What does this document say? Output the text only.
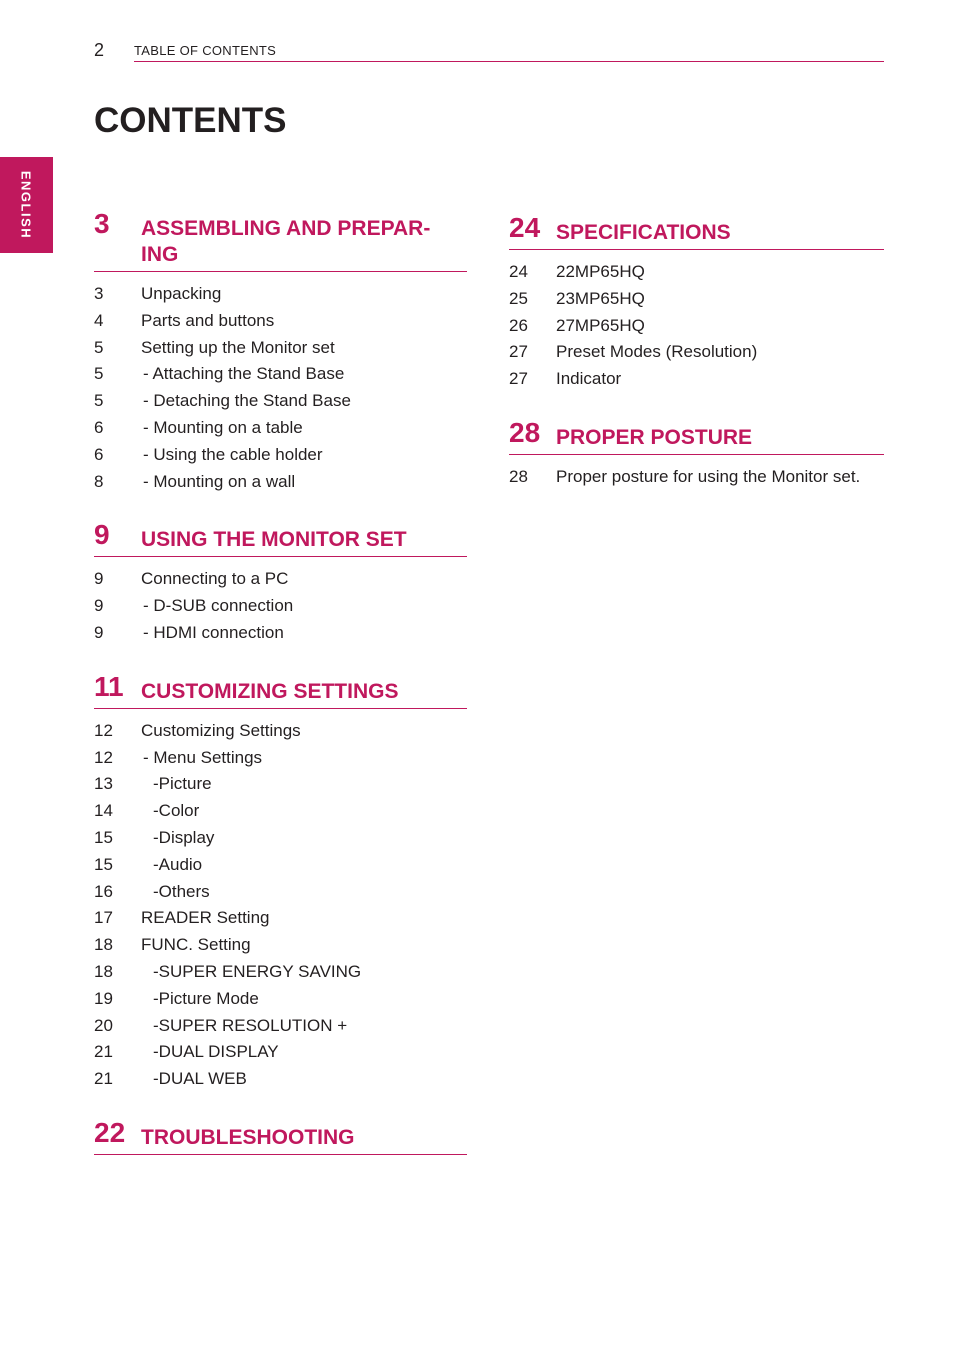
2 TABLE OF CONTENTS
ENGLISH
CONTENTS
3 ASSEMBLING AND PREPAR-ING
3 Unpacking
4 Parts and buttons
5 Setting up the Monitor set
5 - Attaching the Stand Base
5 - Detaching the Stand Base
6 - Mounting on a table
6 - Using the cable holder
8 - Mounting on a wall
9 USING THE MONITOR SET
9 Connecting to a PC
9 - D-SUB connection
9 - HDMI connection
11 CUSTOMIZING SETTINGS
12 Customizing Settings
12 - Menu Settings
13 -Picture
14 -Color
15 -Display
15 -Audio
16 -Others
17 READER Setting
18 FUNC. Setting
18 -SUPER ENERGY SAVING
19 -Picture Mode
20 -SUPER RESOLUTION +
21 -DUAL DISPLAY
21 -DUAL WEB
22 TROUBLESHOOTING
24 SPECIFICATIONS
24 22MP65HQ
25 23MP65HQ
26 27MP65HQ
27 Preset Modes (Resolution)
27 Indicator
28 PROPER POSTURE
28 Proper posture for using the Monitor set.
